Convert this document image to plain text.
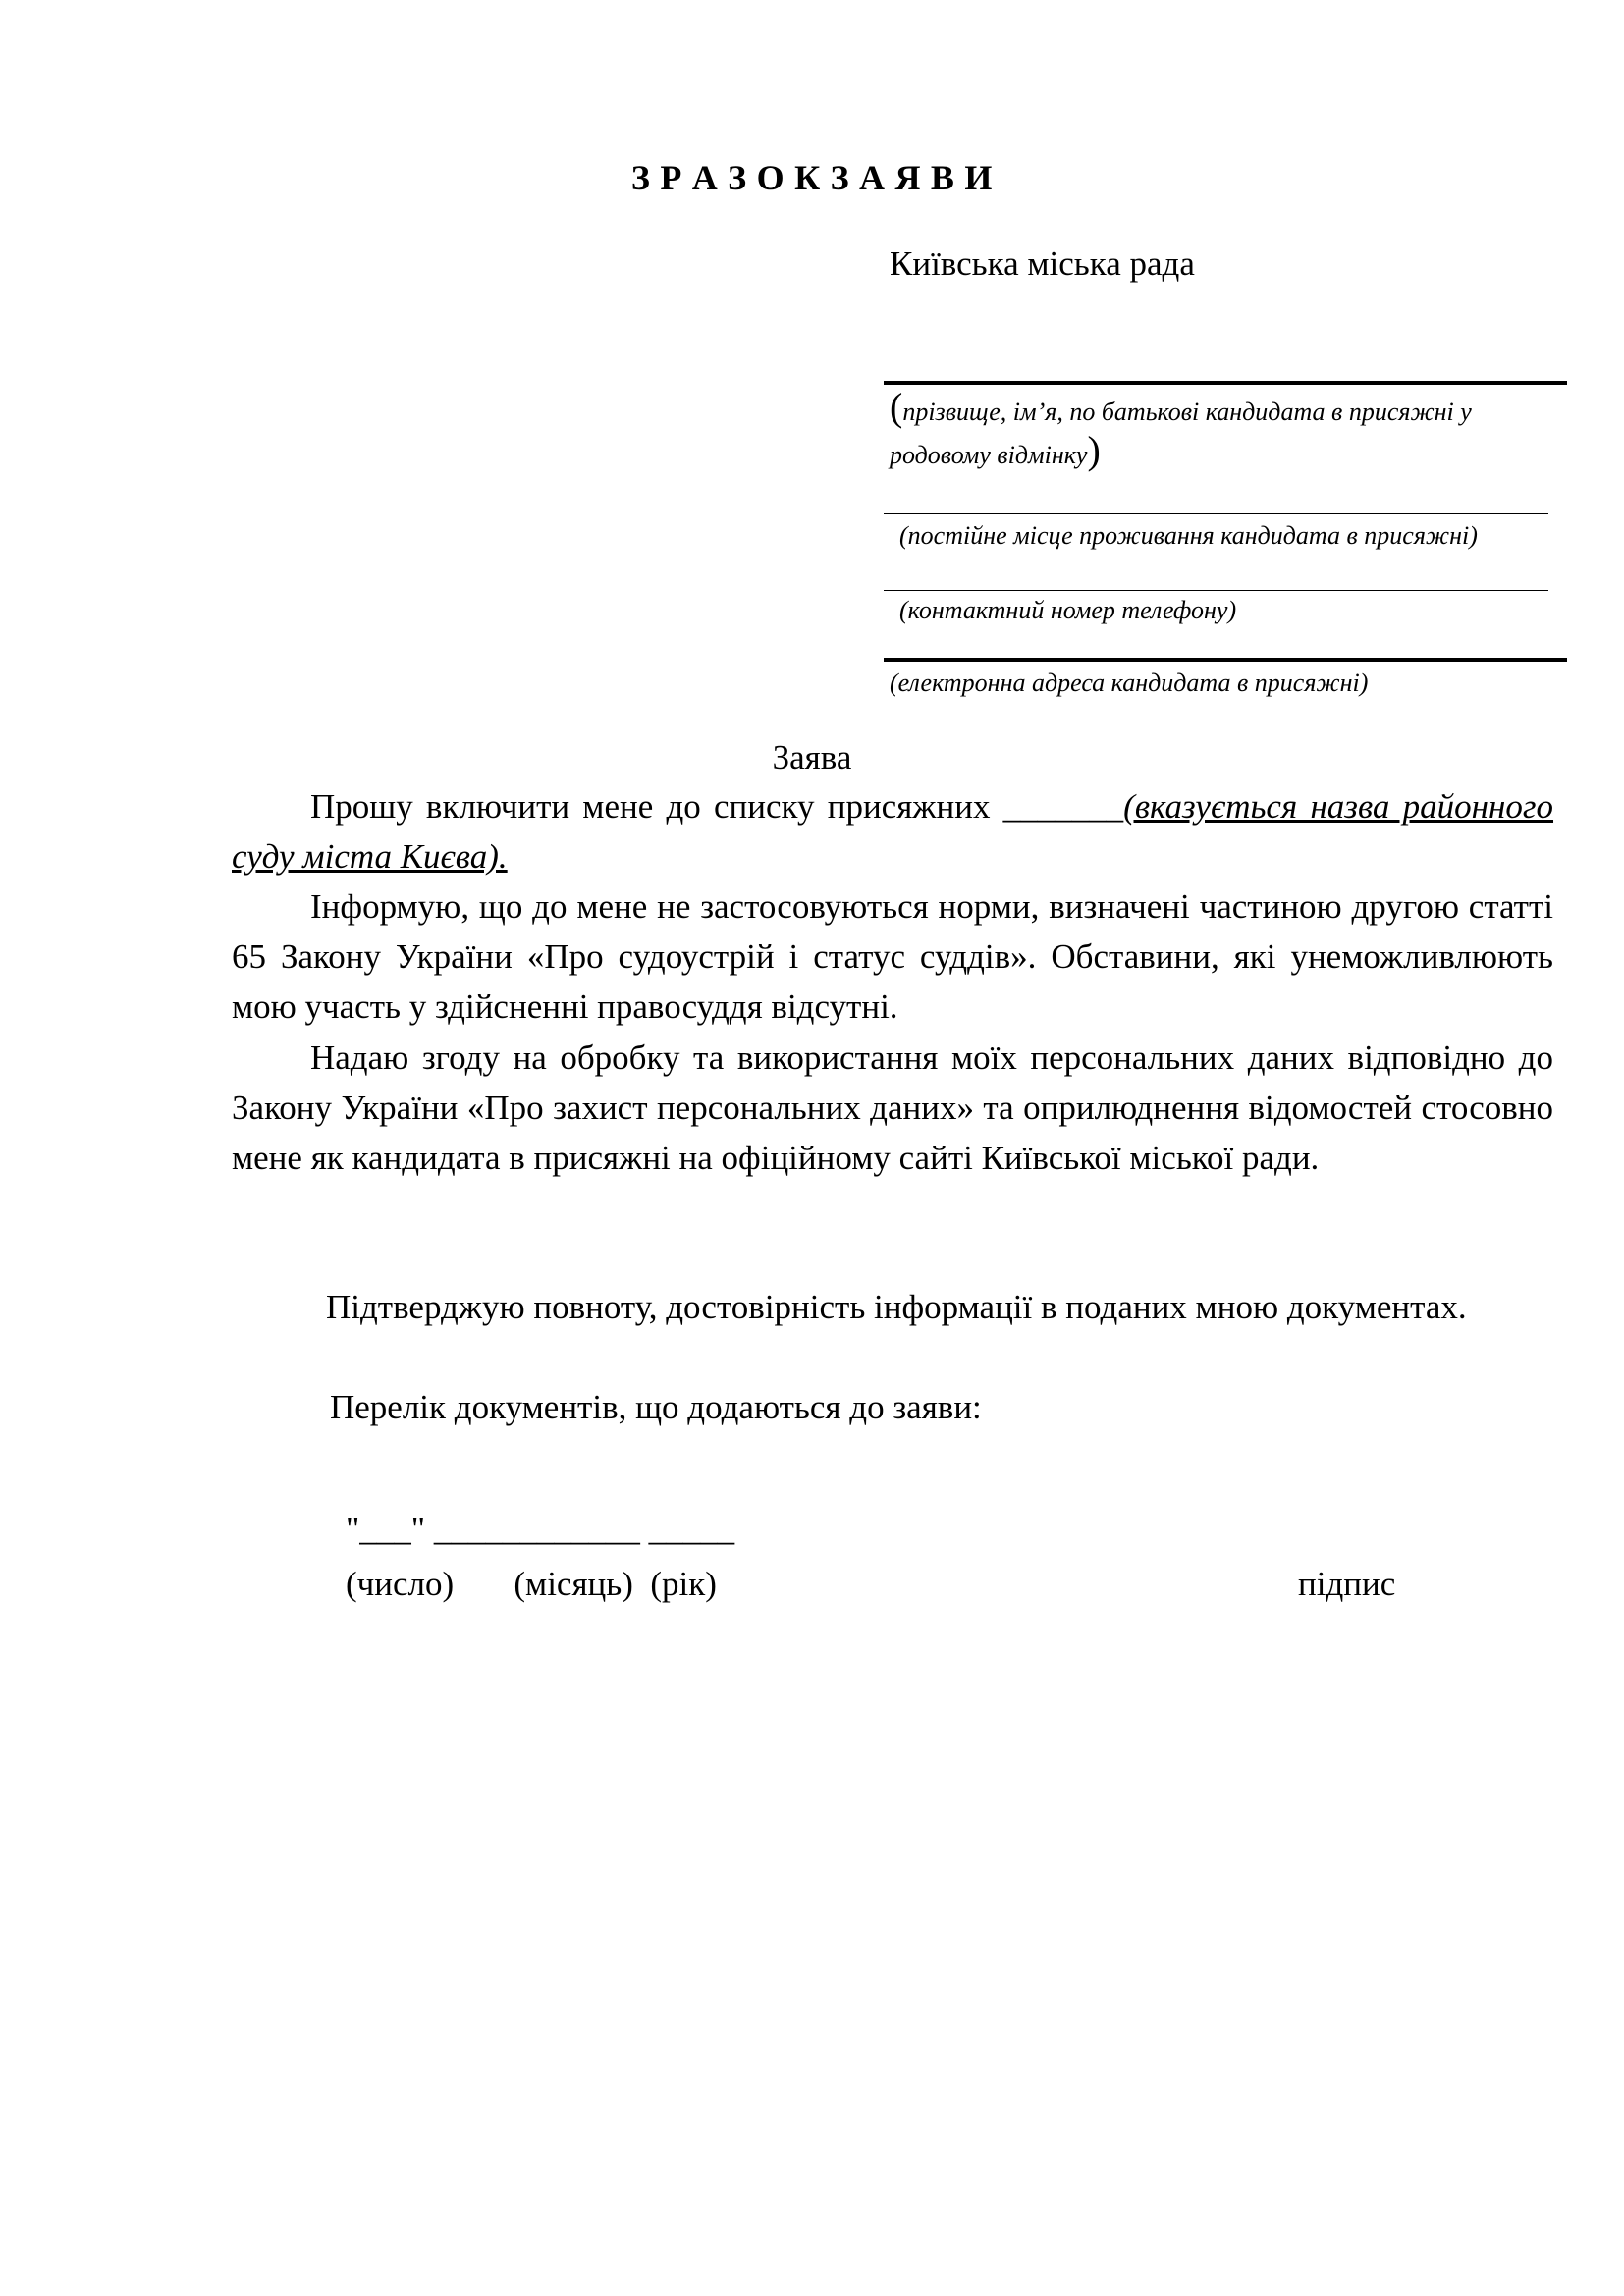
З Р А З О К З А Я В И
Київська міська рада
(прізвище, ім’я, по батькові кандидата в присяжні у
родовому відмінку)
(постійне місце проживання кандидата в присяжні)
(контактний номер телефону)
(електронна адреса кандидата в присяжні)
Заява
Прошу включити мене до списку присяжних _______(вказується назва районного суду міста Києва).
Інформую, що до мене не застосовуються норми, визначені частиною другою статті 65 Закону України «Про судоустрій і статус суддів». Обставини, які унеможливлюють мою участь у здійсненні правосуддя відсутні.
Надаю згоду на обробку та використання моїх персональних даних відповідно до Закону України «Про захист персональних даних» та оприлюднення відомостей стосовно мене як кандидата в присяжні на офіційному сайті Київської міської ради.
Підтверджую повноту, достовірність інформації в поданих мною документах.
Перелік документів, що додаються до заяви:
"___" ____________ _____
(число)       (місяць)  (рік)	підпис
